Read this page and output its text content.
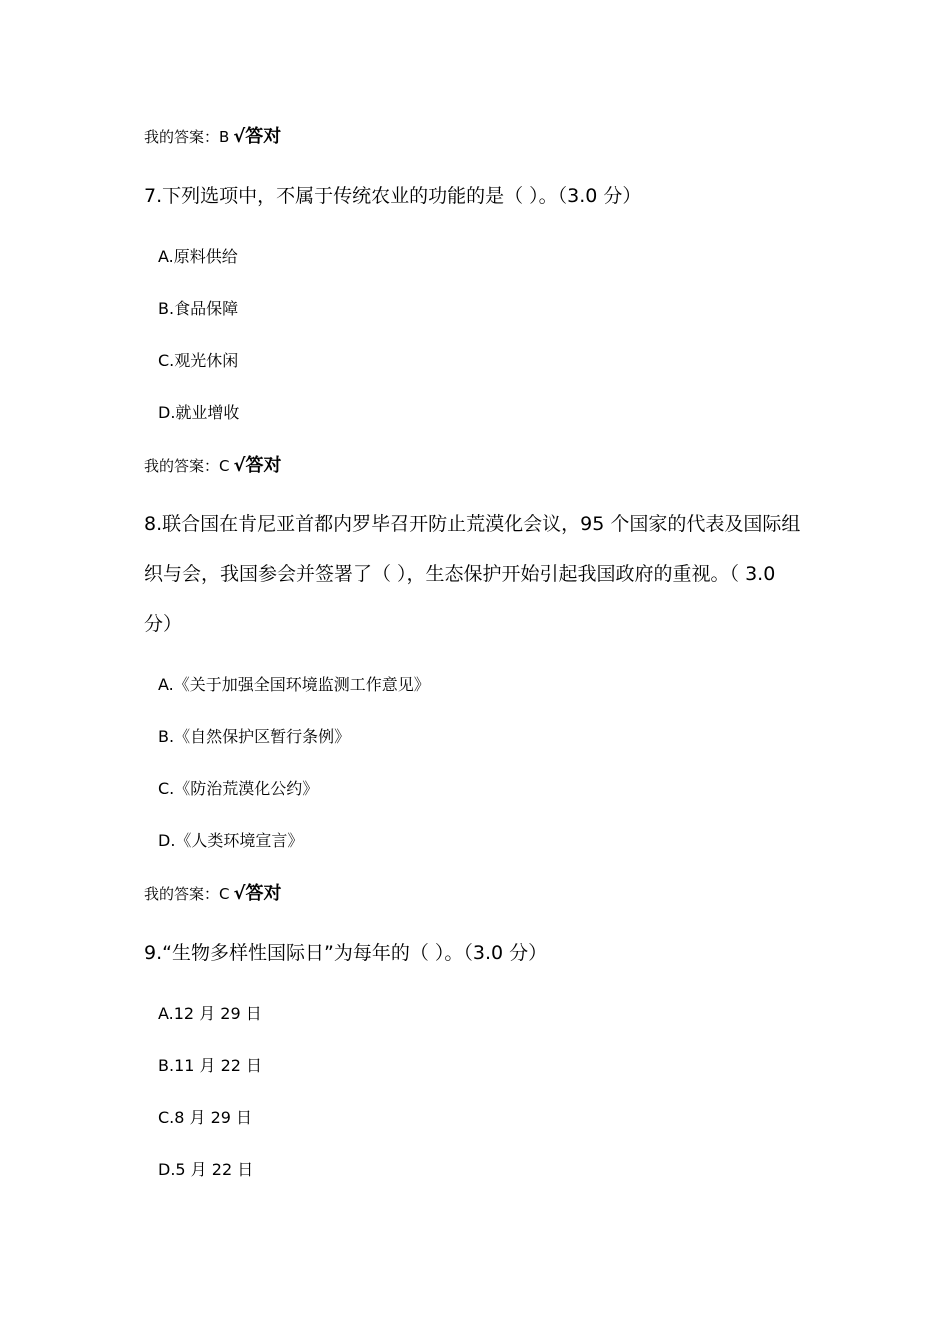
我的答案：B √答对
7.下列选项中，不属于传统农业的功能的是（ ）。（3.0 分）
A.原料供给
B.食品保障
C.观光休闲
D.就业增收
我的答案：C √答对
8.联合国在肯尼亚首都内罗毕召开防止荒漠化会议，95 个国家的代表及国际组
织与会，我国参会并签署了（ ），生态保护开始引起我国政府的重视。（ 3.0
分）
A.《关于加强全国环境监测工作意见》
B.《自然保护区暂行条例》
C.《防治荒漠化公约》
D.《人类环境宣言》
我的答案：C √答对
9.“生物多样性国际日”为每年的（ ）。（3.0 分）
A.12 月 29 日
B.11 月 22 日
C.8 月 29 日
D.5 月 22 日
